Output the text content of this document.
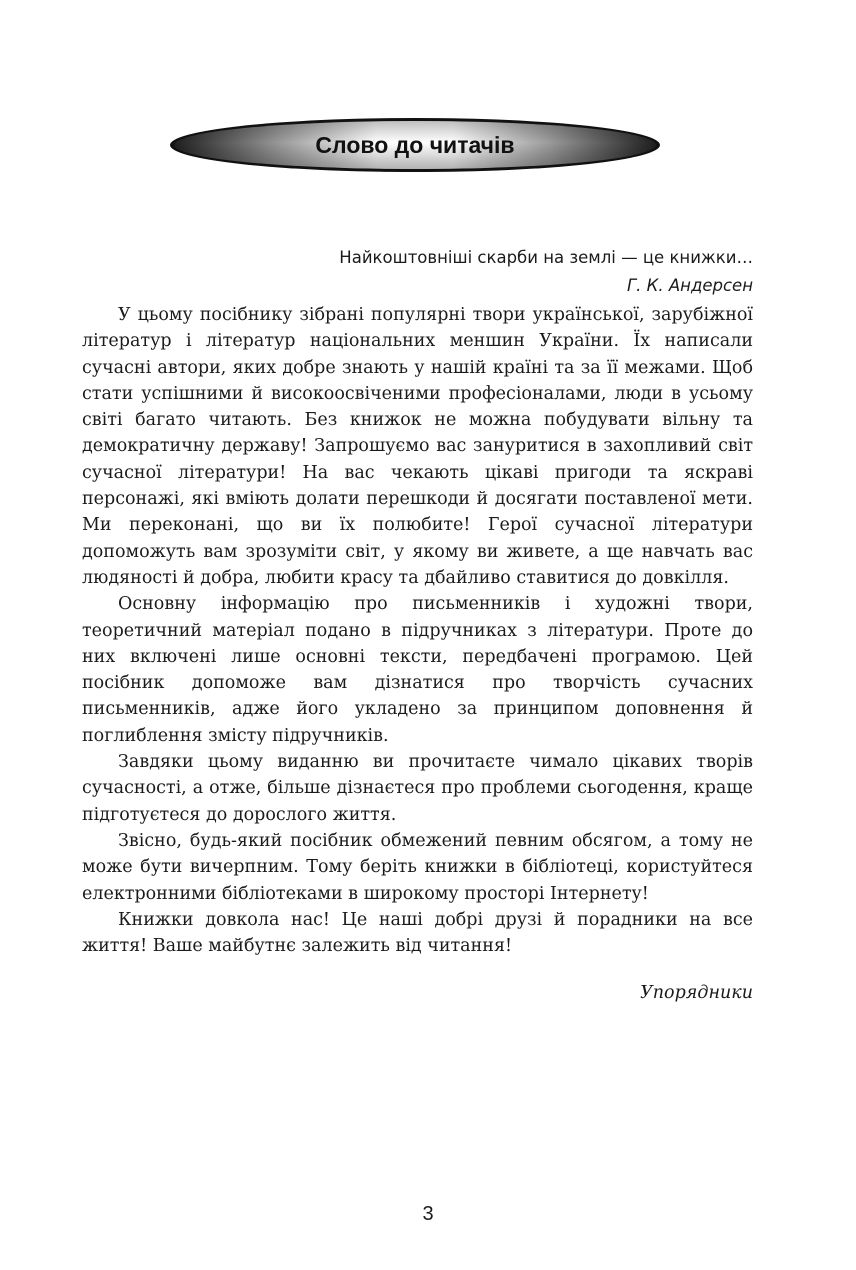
Слово до читачів
Найкоштовніші скарби на землі — це книжки…
Г. К. Андерсен

У цьому посібнику зібрані популярні твори української, зарубіжної літератур і літератур національних меншин України. Їх написали сучасні автори, яких добре знають у нашій країні та за її межами. Щоб стати успішними й високоосвіченими професіоналами, люди в усьому світі багато читають. Без книжок не можна побудувати вільну та демократичну державу! Запрошуємо вас зануритися в захопливий світ сучасної літератури! На вас чекають цікаві пригоди та яскраві персонажі, які вміють долати перешкоди й досягати поставленої мети. Ми переконані, що ви їх полюбите! Герої сучасної літератури допоможуть вам зрозуміти світ, у якому ви живете, а ще навчать вас людяності й добра, любити красу та дбайливо ставитися до довкілля.

Основну інформацію про письменників і художні твори, теоретичний матеріал подано в підручниках з літератури. Проте до них включені лише основні тексти, передбачені програмою. Цей посібник допоможе вам дізнатися про творчість сучасних письменників, адже його укладено за принципом доповнення й поглиблення змісту підручників.

Завдяки цьому виданню ви прочитаєте чимало цікавих творів сучасності, а отже, більше дізнаєтеся про проблеми сьогодення, краще підготуєтеся до дорослого життя.

Звісно, будь-який посібник обмежений певним обсягом, а тому не може бути вичерпним. Тому беріть книжки в бібліотеці, користуйтеся електронними бібліотеками в широкому просторі Інтернету!

Книжки довкола нас! Це наші добрі друзі й порадники на все життя! Ваше майбутнє залежить від читання!

Упорядники
3
